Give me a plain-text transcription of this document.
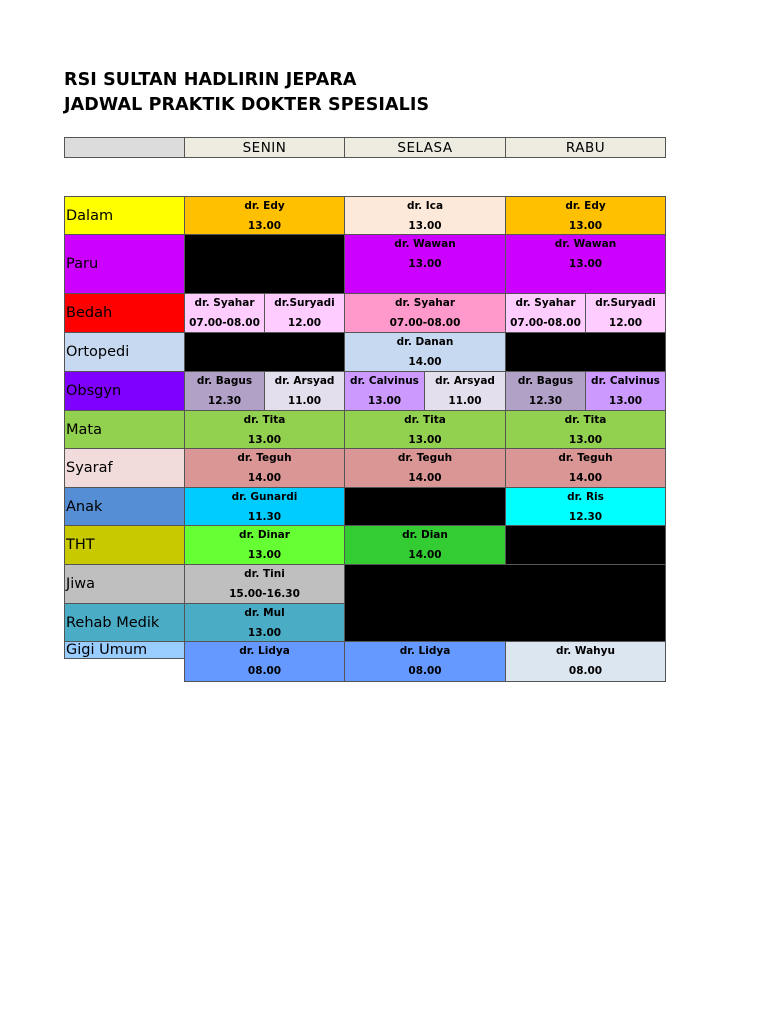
RSI SULTAN HADLIRIN JEPARA
JADWAL PRAKTIK DOKTER SPESIALIS
SENIN	SELASA	RABU
Dalam
Paru
Bedah
Ortopedi
Obsgyn
Mata
Syaraf
Anak
THT
Jiwa
Rehab Medik
Gigi Umum
dr. Edy
13.00
dr. Ica
13.00
dr. Edy
13.00
dr. Wawan
13.00
dr. Wawan
13.00
dr. Syahar
07.00-08.00
dr.Suryadi
12.00
dr. Syahar
07.00-08.00
dr. Syahar
07.00-08.00
dr.Suryadi
12.00
dr. Danan
14.00
dr. Bagus
12.30
dr. Arsyad
11.00
dr. Calvinus
13.00
dr. Arsyad
11.00
dr. Bagus
12.30
dr. Calvinus
13.00
dr. Tita
13.00
dr. Tita
13.00
dr. Tita
13.00
dr. Teguh
14.00
dr. Teguh
14.00
dr. Teguh
14.00
dr. Gunardi
11.30
dr. Ris
12.30
dr. Dinar
13.00
dr. Dian
14.00
dr. Tini
15.00-16.30
dr. Mul
13.00
dr. Lidya
08.00
dr. Lidya
08.00
dr. Wahyu
08.00
